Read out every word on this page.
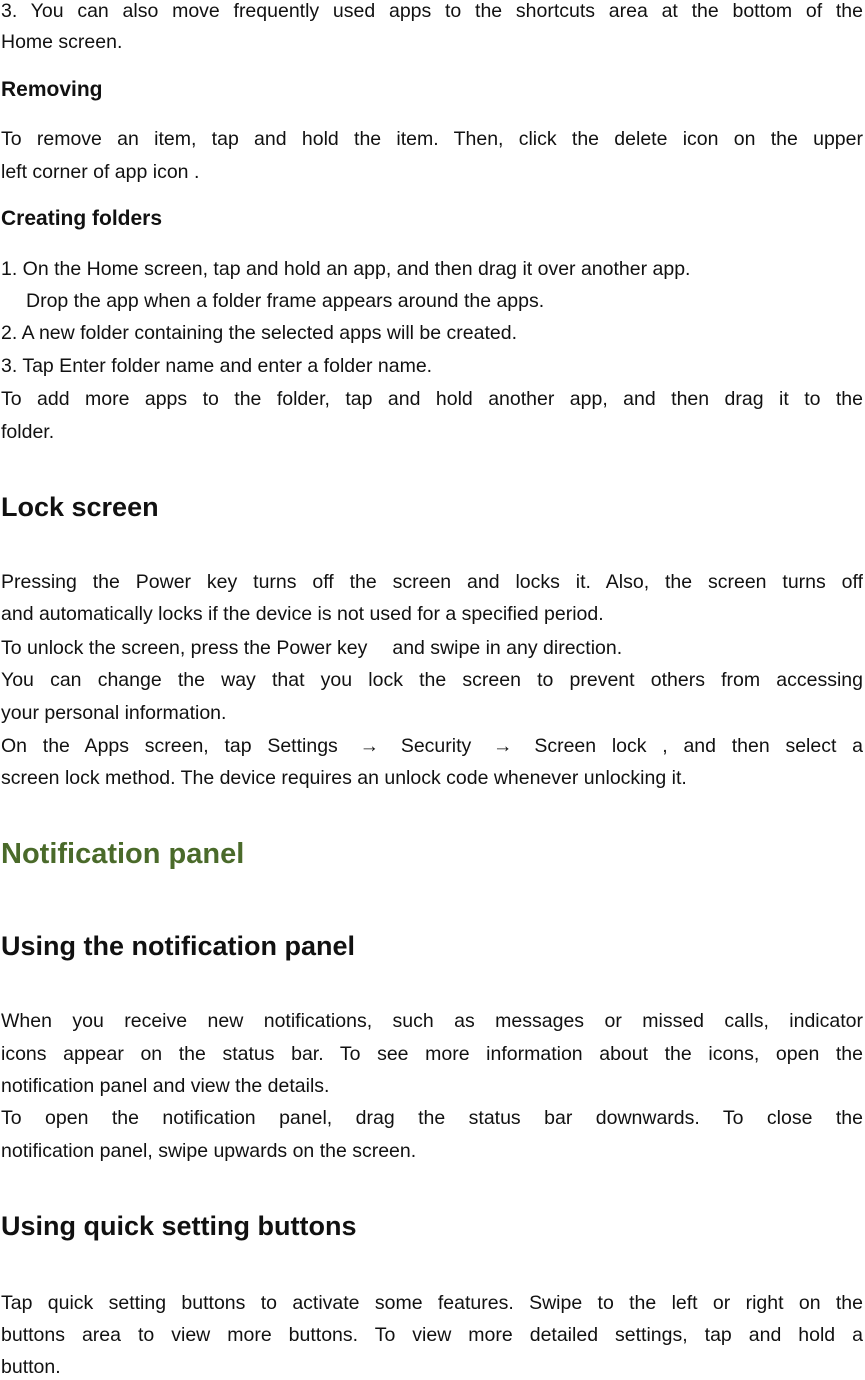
3. You can also move frequently used apps to the shortcuts area at the bottom of the
Home screen.
Removing
To remove an item, tap and hold the item. Then, click the delete icon on the upper
left corner of app icon .
Creating folders
1. On the Home screen, tap and hold an app, and then drag it over another app.
Drop the app when a folder frame appears around the apps.
2. A new folder containing the selected apps will be created.
3. Tap Enter folder name and enter a folder name.
To add more apps to the folder, tap and hold another app, and then drag it to the
folder.
Lock screen
Pressing the Power key turns off the screen and locks it. Also, the screen turns off
and automatically locks if the device is not used for a specified period.
To unlock the screen, press the Power key and swipe in any direction.
You can change the way that you lock the screen to prevent others from accessing
your personal information.
On the Apps screen, tap Settings → Security → Screen lock , and then select a
screen lock method. The device requires an unlock code whenever unlocking it.
Notification panel
Using the notification panel
When you receive new notifications, such as messages or missed calls, indicator
icons appear on the status bar. To see more information about the icons, open the
notification panel and view the details.
To open the notification panel, drag the status bar downwards. To close the
notification panel, swipe upwards on the screen.
Using quick setting buttons
Tap quick setting buttons to activate some features. Swipe to the left or right on the
buttons area to view more buttons. To view more detailed settings, tap and hold a
button.
